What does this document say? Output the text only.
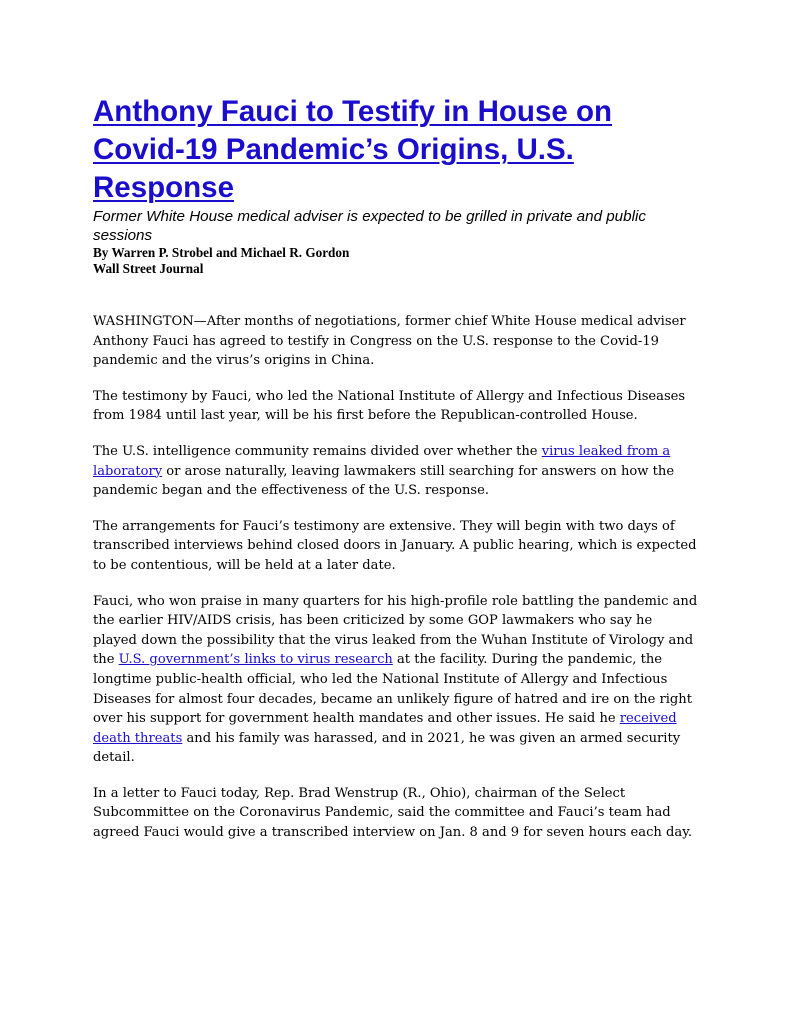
Anthony Fauci to Testify in House on Covid-19 Pandemic’s Origins, U.S. Response

Former White House medical adviser is expected to be grilled in private and public sessions

By Warren P. Strobel and Michael R. Gordon

Wall Street Journal

WASHINGTON—After months of negotiations, former chief White House medical adviser Anthony Fauci has agreed to testify in Congress on the U.S. response to the Covid-19 pandemic and the virus’s origins in China.

The testimony by Fauci, who led the National Institute of Allergy and Infectious Diseases from 1984 until last year, will be his first before the Republican-controlled House.

The U.S. intelligence community remains divided over whether the virus leaked from a laboratory or arose naturally, leaving lawmakers still searching for answers on how the pandemic began and the effectiveness of the U.S. response.

The arrangements for Fauci’s testimony are extensive. They will begin with two days of transcribed interviews behind closed doors in January. A public hearing, which is expected to be contentious, will be held at a later date.

Fauci, who won praise in many quarters for his high-profile role battling the pandemic and the earlier HIV/AIDS crisis, has been criticized by some GOP lawmakers who say he played down the possibility that the virus leaked from the Wuhan Institute of Virology and the U.S. government’s links to virus research at the facility. During the pandemic, the longtime public-health official, who led the National Institute of Allergy and Infectious Diseases for almost four decades, became an unlikely figure of hatred and ire on the right over his support for government health mandates and other issues. He said he received death threats and his family was harassed, and in 2021, he was given an armed security detail.

In a letter to Fauci today, Rep. Brad Wenstrup (R., Ohio), chairman of the Select Subcommittee on the Coronavirus Pandemic, said the committee and Fauci’s team had agreed Fauci would give a transcribed interview on Jan. 8 and 9 for seven hours each day.
